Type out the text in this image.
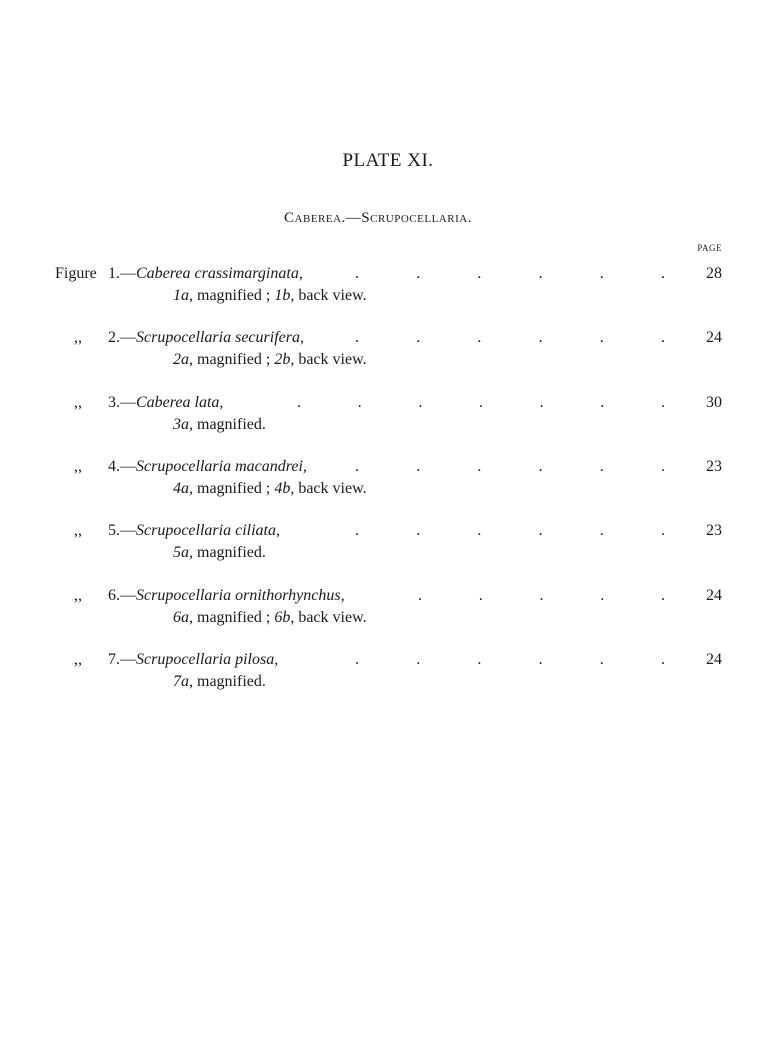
PLATE XI.
Caberea.—Scrupocellaria.
PAGE
Figure 1.—Caberea crassimarginata,	.	.	.	.	.	.	28
1a, magnified ; 1b, back view.
,, 2.—Scrupocellaria securifera,	.	.	.	.	.	.	24
2a, magnified ; 2b, back view.
,, 3.—Caberea lata,	.	.	.	.	.	.	.	30
3a, magnified.
,, 4.—Scrupocellaria macandrei,	.	.	.	.	.	.	23
4a, magnified ; 4b, back view.
,, 5.—Scrupocellaria ciliata,	.	.	.	.	.	.	23
5a, magnified.
,, 6.—Scrupocellaria ornithorhynchus,	.	.	.	.	.	24
6a, magnified ; 6b, back view.
,, 7.—Scrupocellaria pilosa,	.	.	.	.	.	.	24
7a, magnified.
